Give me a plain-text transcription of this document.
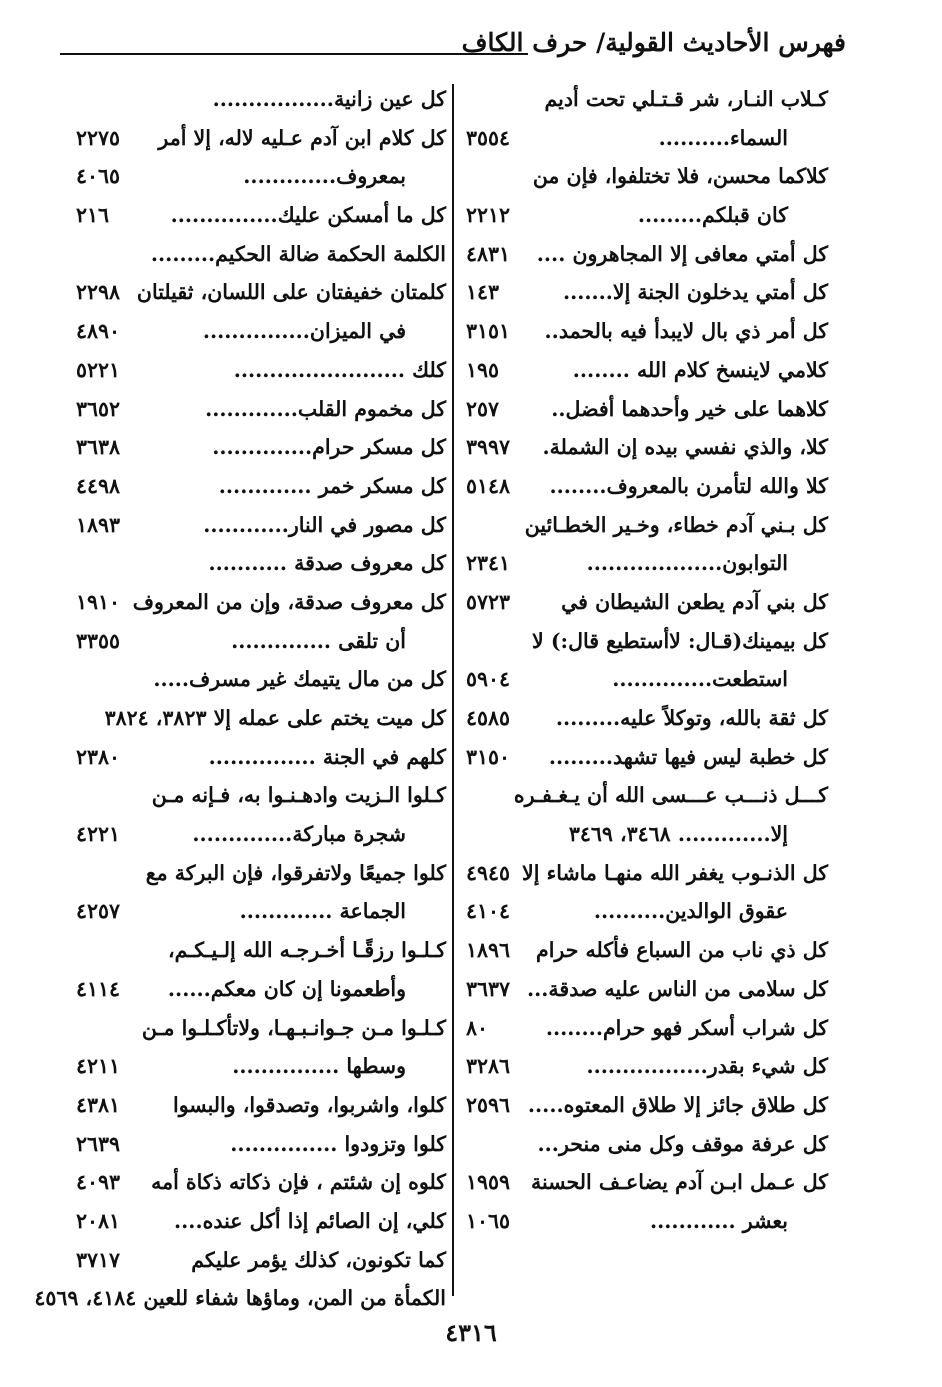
فهرس الأحاديث القولية/ حرف الكاف
كـلاب النـار، شر قـتـلي تحت أديم
السماء..........
٣٥٥٤
كلاكما محسن، فلا تختلفوا، فإن من
كان قبلكم.........
٢٢١٢
كل أمتي معافى إلا المجاهرون ....
٤٨٣١
كل أمتي يدخلون الجنة إلا.......
١٤٣
كل أمر ذي بال لايبدأ فيه بالحمد..
٣١٥١
كلامي لاينسخ كلام الله ........
١٩٥
كلاهما على خير وأحدهما أفضل..
٢٥٧
كلا، والذي نفسي بيده إن الشملة.
٣٩٩٧
كلا والله لتأمرن بالمعروف........
٥١٤٨
كل بـني آدم خطاء، وخـير الخطـائين
التوابون...................
٢٣٤١
كل بني آدم يطعن الشيطان في
٥٧٢٣
كل بيمينك(قـال: لاأستطيع قال:) لا
استطعت..............
٥٩٠٤
كل ثقة بالله، وتوكلاً عليه.........
٤٥٨٥
كل خطبة ليس فيها تشهد.........
٣١٥٠
كـــل ذنـــب عـــسى الله أن يـغـفـره
إلا............. ٣٤٦٨، ٣٤٦٩
كل الذنـوب يغفر الله منهـا ماشاء إلا
٤٩٤٥
عقوق الوالدين..........
٤١٠٤
كل ذي ناب من السباع فأكله حرام
١٨٩٦
كل سلامى من الناس عليه صدقة...
٣٦٣٧
كل شراب أسكر فهو حرام........
٨٠
كل شيء بقدر.................
٣٢٨٦
كل طلاق جائز إلا طلاق المعتوه.....
٢٥٩٦
كل عرفة موقف وكل منى منحر...
كل عـمل ابـن آدم يضاعـف الحسنة
١٩٥٩
بعشر ............
١٠٦٥
كل عين زانية.................
كل كلام ابن آدم عـليه لاله، إلا أمر
٢٢٧٥
بمعروف.............
٤٠٦٥
كل ما أمسكن عليك...............
٢١٦
الكلمة الحكمة ضالة الحكيم.........
كلمتان خفيفتان على اللسان، ثقيلتان
٢٢٩٨
في الميزان...............
٤٨٩٠
كلك ........................
٥٢٢١
كل مخموم القلب.............
٣٦٥٢
كل مسكر حرام..............
٣٦٣٨
كل مسكر خمر .............
٤٤٩٨
كل مصور في النار............
١٨٩٣
كل معروف صدقة ...........
كل معروف صدقة، وإن من المعروف
١٩١٠
أن تلقى ..............
٣٣٥٥
كل من مال يتيمك غير مسرف.....
كل ميت يختم على عمله إلا ٣٨٢٣، ٣٨٢٤
كلهم في الجنة ...............
٢٣٨٠
كـلوا الـزيت وادهـنـوا به، فـإنه مـن
شجرة مباركة..............
٤٢٢١
كلوا جميعًا ولاتفرقوا، فإن البركة مع
الجماعة .............
٤٢٥٧
كـلـوا رزقًـا أخـرجـه الله إلـيـكـم،
وأطعمونا إن كان معكم......
٤١١٤
كـلـوا مـن جـوانـبـهـا، ولاتأكـلـوا مـن
وسطها ...............
٤٢١١
كلوا، واشربوا، وتصدقوا، والبسوا
٤٣٨١
كلوا وتزودوا ...............
٢٦٣٩
كلوه إن شئتم ، فإن ذكاته ذكاة أمه
٤٠٩٣
كلي، إن الصائم إذا أكل عنده....
٢٠٨١
كما تكونون، كذلك يؤمر عليكم
٣٧١٧
الكمأة من المن، وماؤها شفاء للعين ٤١٨٤، ٤٥٦٩
٤٣١٦
